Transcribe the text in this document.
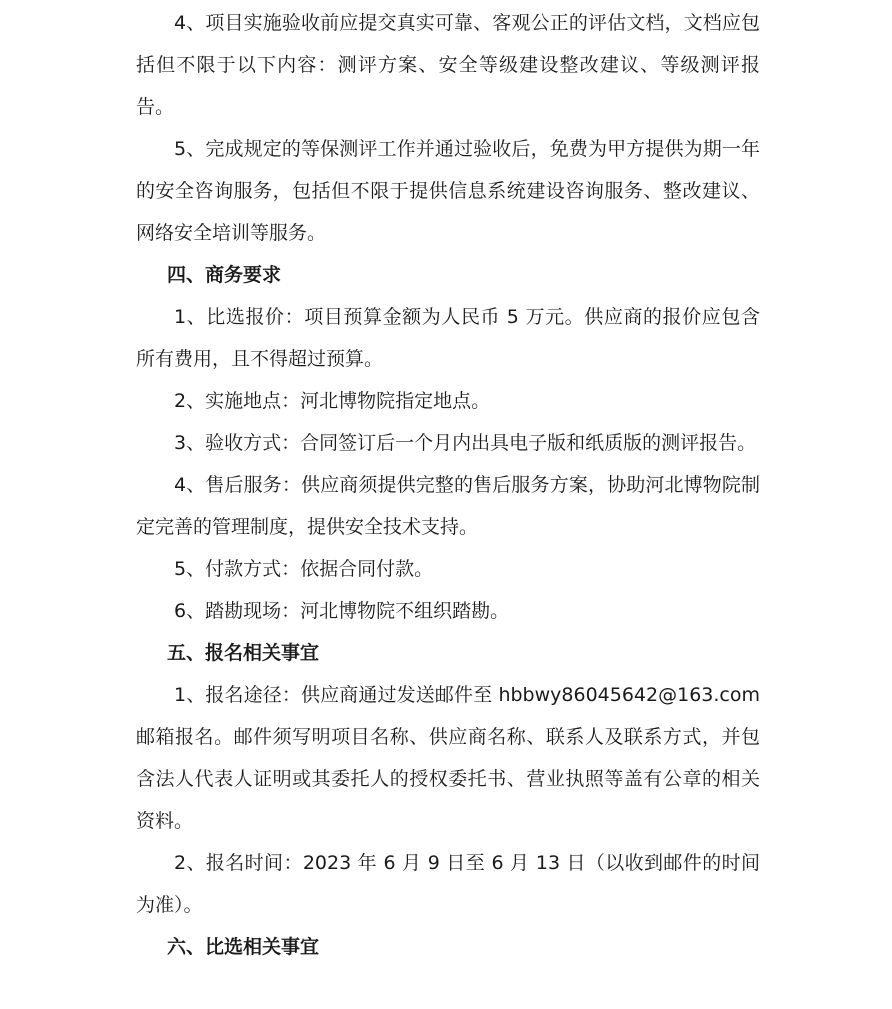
4、项目实施验收前应提交真实可靠、客观公正的评估文档，文档应包括但不限于以下内容：测评方案、安全等级建设整改建议、等级测评报告。

5、完成规定的等保测评工作并通过验收后，免费为甲方提供为期一年的安全咨询服务，包括但不限于提供信息系统建设咨询服务、整改建议、网络安全培训等服务。

四、商务要求

1、比选报价：项目预算金额为人民币 5 万元。供应商的报价应包含所有费用，且不得超过预算。

2、实施地点：河北博物院指定地点。

3、验收方式：合同签订后一个月内出具电子版和纸质版的测评报告。

4、售后服务：供应商须提供完整的售后服务方案，协助河北博物院制定完善的管理制度，提供安全技术支持。

5、付款方式：依据合同付款。

6、踏勘现场：河北博物院不组织踏勘。

五、报名相关事宜

1、报名途径：供应商通过发送邮件至 hbbwy86045642@163.com 邮箱报名。邮件须写明项目名称、供应商名称、联系人及联系方式，并包含法人代表人证明或其委托人的授权委托书、营业执照等盖有公章的相关资料。

2、报名时间：2023 年 6 月 9 日至 6 月 13 日（以收到邮件的时间为准）。

六、比选相关事宜
